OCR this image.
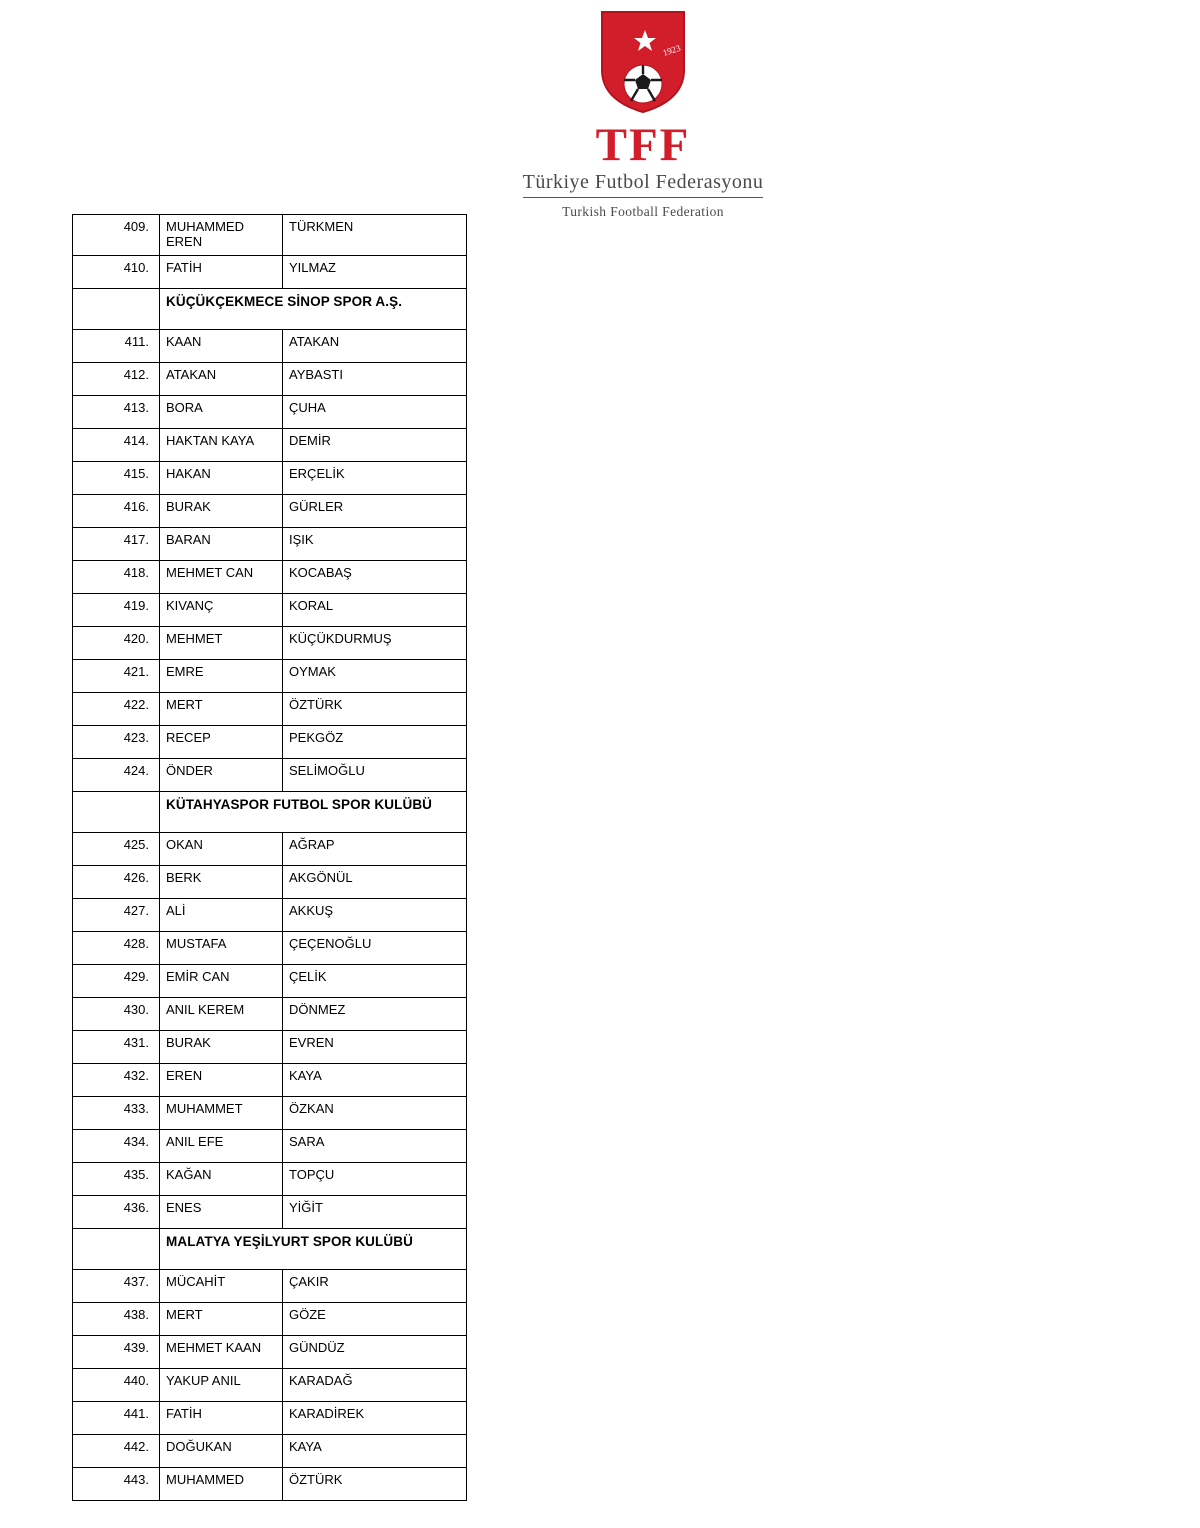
1923
TFF
Türkiye Futbol Federasyonu
Turkish Football Federation
409.	MUHAMMED EREN	TÜRKMEN
410.	FATİH	YILMAZ
	KÜÇÜKÇEKMECE SİNOP SPOR A.Ş.	
411.	KAAN	ATAKAN
412.	ATAKAN	AYBASTI
413.	BORA	ÇUHA
414.	HAKTAN KAYA	DEMİR
415.	HAKAN	ERÇELİK
416.	BURAK	GÜRLER
417.	BARAN	IŞIK
418.	MEHMET CAN	KOCABAŞ
419.	KIVANÇ	KORAL
420.	MEHMET	KÜÇÜKDURMUŞ
421.	EMRE	OYMAK
422.	MERT	ÖZTÜRK
423.	RECEP	PEKGÖZ
424.	ÖNDER	SELİMOĞLU
	KÜTAHYASPOR FUTBOL SPOR KULÜBÜ	
425.	OKAN	AĞRAP
426.	BERK	AKGÖNÜL
427.	ALİ	AKKUŞ
428.	MUSTAFA	ÇEÇENOĞLU
429.	EMİR CAN	ÇELİK
430.	ANIL KEREM	DÖNMEZ
431.	BURAK	EVREN
432.	EREN	KAYA
433.	MUHAMMET	ÖZKAN
434.	ANIL EFE	SARA
435.	KAĞAN	TOPÇU
436.	ENES	YİĞİT
	MALATYA YEŞİLYURT SPOR KULÜBÜ	
437.	MÜCAHİT	ÇAKIR
438.	MERT	GÖZE
439.	MEHMET KAAN	GÜNDÜZ
440.	YAKUP ANIL	KARADAĞ
441.	FATİH	KARADİREK
442.	DOĞUKAN	KAYA
443.	MUHAMMED	ÖZTÜRK
